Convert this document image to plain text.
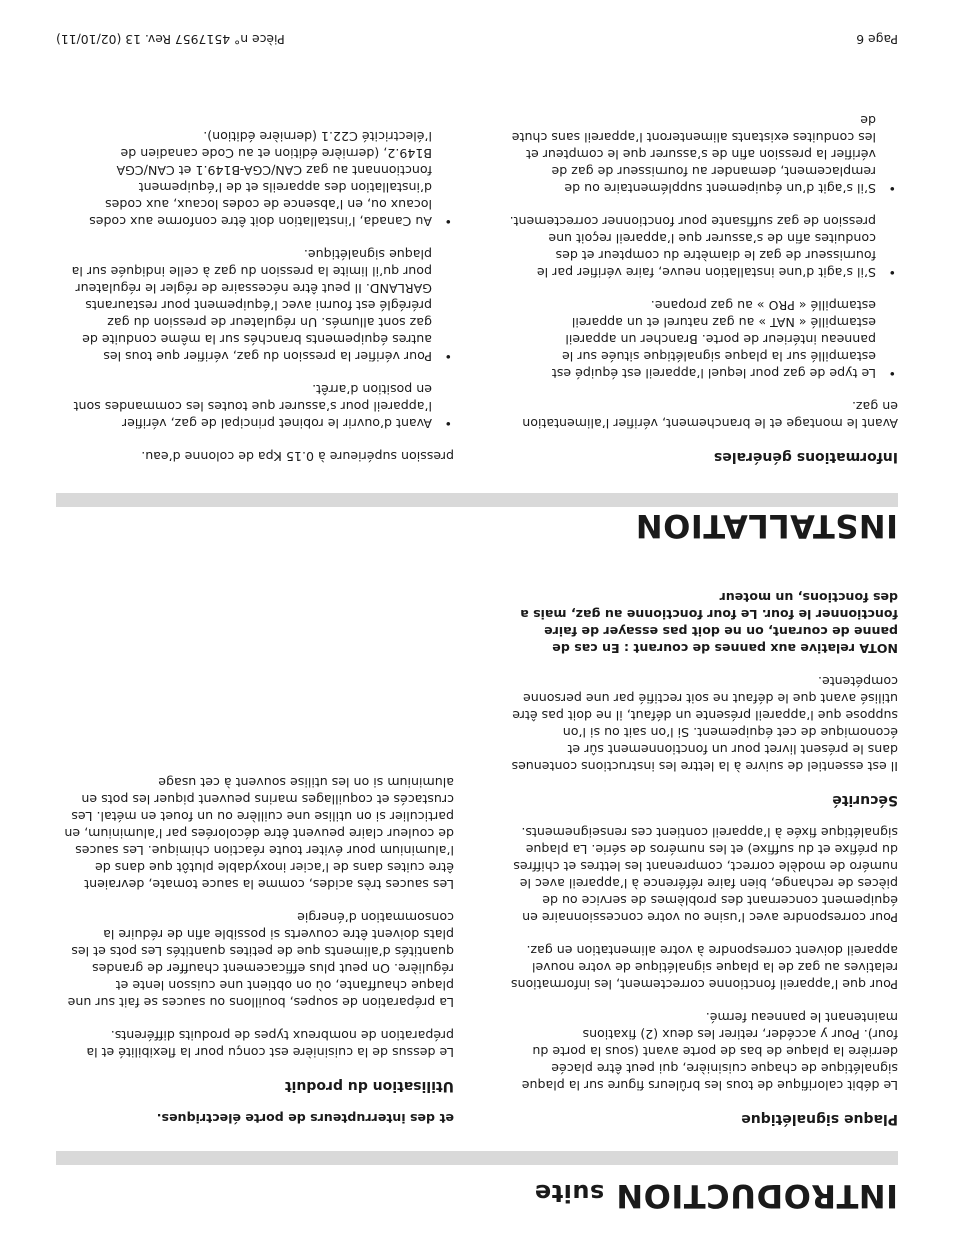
INTRODUCTION suite
Plaque signalétique

Le débit calorifique de tous les brûleurs figure sur la plaque signalétique de chaque cuisinière, qui peut être placée derrière la plaque de bas de porte avant (sous la porte du four). Pour y accéder, retirer les deux (2) fixations maintenant le panneau fermé.

Pour que l’appareil fonctionne correctement, les informations relatives au gaz de la plaque signalétique de votre nouvel appareil doivent correspondre à votre alimentation en gaz.

Pour correspondre avec l’usine ou votre concessionnaire en équipement concernant des problèmes de service ou de pièces de rechange, bien faire référence à l’appareil avec le numéro de modèle correct, comprenant les lettres et chiffres du préfixe et du suffixe) et les numéros de série. La plaque signalétique fixée à l’appareil contient ces renseignements.

Sécurité

Il est essentiel de suivre à la lettre les instructions contenues dans le présent livret pour un fonctionnement sûr et économique de cet équipement. Si l’on sait ou si l’on suppose que l’appareil présente un défaut, il ne doit pas être utilisé avant que le défaut ne soit rectifié par une personne compétente.

NOTA relative aux pannes de courant : En cas de panne de courant, on ne doit pas essayer de faire fonctionner le four. Le four fonctionne au gaz, mais a des fonctions, un moteur

et des interrupteurs de porte électriques.

Utilisation du produit

Le dessus de la cuisinière est conçu pour la flexibilité et la préparation de nombreux types de produits différents.

La préparation de soupes, bouillons ou sauces se fait sur une plaque chauffante, où on obtient une cuisson lente et régulière. On peut plus efficacement chauffer de grandes quantités d’aliments que de petites quantités Les pots et les plats doivent être couverts si possible afin de réduire la consommation d’énergie

Les sauces très acides, comme la sauce tomate, devraient être cuites dans de l’acier inoxydable plutôt que dans de l’aluminium pour éviter toute réaction chimique. Les sauces de couleur claire peuvent être décolorées par l’aluminium, en particulier si on utilise une cuillère ou un fouet en métal. Les crustacés et coquillages marins peuvent piquer les pots en aluminium si on les utilise souvent à cet usage

INSTALLATION
Informations générales

Avant le montage et le branchement, vérifier l’alimentation en gaz.

• Le type de gaz pour lequel l’appareil est équipé est estampillé sur la plaque signalétique située sur le panneau intérieur de porte. Brancher un appareil estampillé « NAT » au gaz naturel et un appareil estampillé « PRO » au gaz propane.
• S’il s’agit d’une installation neuve, faire vérifier par le fournisseur de gaz le diamètre du compteur et des conduites afin de s’assurer que l’appareil reçoit une pression de gaz suffisante pour fonctionner correctement.
• S’il s’agit d’un équipement supplémentaire ou de remplacement, demander au fournisseur de gaz de vérifier la pression afin de s’assurer que le compteur et les conduites existants alimenteront l’appareil sans chute de

pression supérieure à 0.15 Kpa de colonne d’eau.

• Avant d’ouvrir le robinet principal de gaz, vérifier l’appareil pour s’assurer que toutes les commandes sont en position d’arrêt.
• Pour vérifier la pression du gaz, vérifier que tous les autres équipements branchés sur la même conduite de gaz sont allumés. Un régulateur de pression du gaz préréglé est fourni avec l’équipement pour restaurants GARLAND. Il peut être nécessaire de régler le régulateur pour qu’il limite la pression du gaz à celle indiquée sur la plaque signalétique.
• Au Canada, l’installation doit être conforme aux codes locaux ou, en l’absence de codes locaux, aux codes d’installation des appareils et de l’équipement fonctionnant au gaz CAN/CGA-B149.1 et CAN/CGA B149.2, (dernière édition et au Code canadien de l’électricité C22.1 (dernière édition).
Page 6
Pièce n° 4517957 Rev. 13 (02/10/11)
